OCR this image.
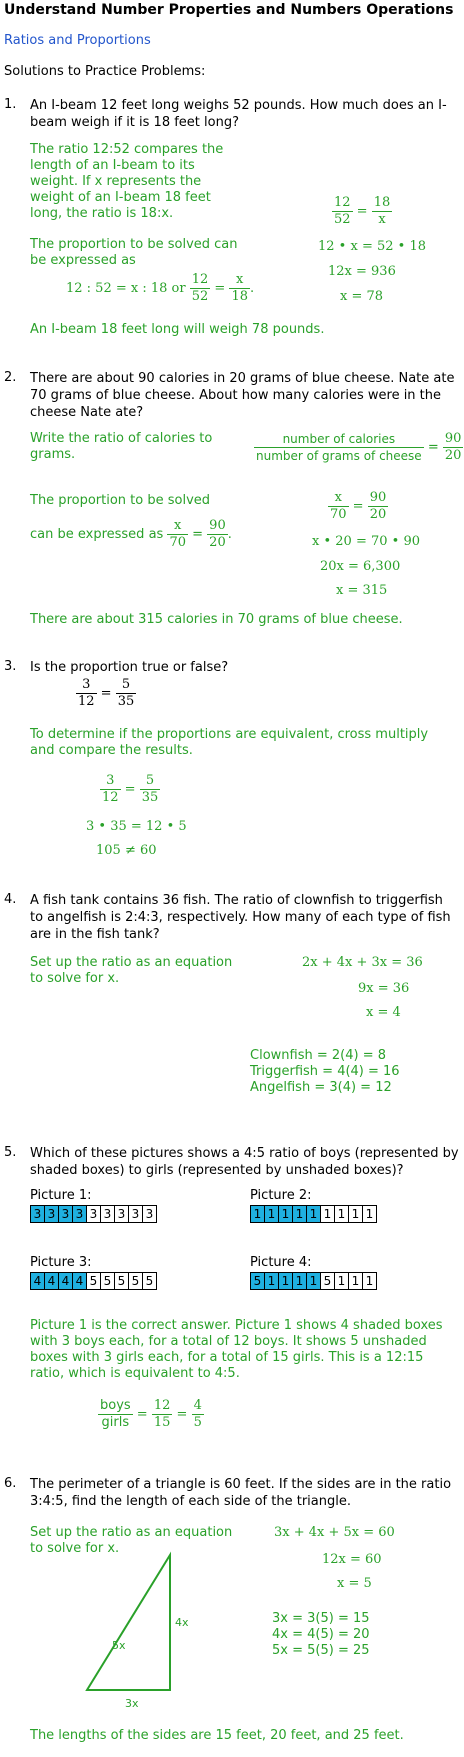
Understand Number Properties and Numbers Operations
Ratios and Proportions
Solutions to Practice Problems:
1. An I-beam 12 feet long weighs 52 pounds. How much does an I-beam weigh if it is 18 feet long?
The ratio 12:52 compares the length of an I-beam to its weight. If x represents the weight of an I-beam 18 feet long, the ratio is 18:x.
The proportion to be solved can be expressed as
12 : 52 = x : 18 or $\frac{12}{52} = \frac{x}{18}$ .
$\frac{12}{52} = \frac{18}{x}$
12 • x = 52 • 18
12x = 936
x = 78
An I-beam 18 feet long will weigh 78 pounds.
2. There are about 90 calories in 20 grams of blue cheese. Nate ate 70 grams of blue cheese. About how many calories were in the cheese Nate ate?
Write the ratio of calories to grams.	$\frac{\text{number of calories}}{\text{number of grams of cheese}} = \frac{90}{20}$
The proportion to be solved
can be expressed as $\frac{x}{70} = \frac{90}{20}$ .
$\frac{x}{70} = \frac{90}{20}$
x • 20 = 70 • 90
20x = 6,300
x = 315
There are about 315 calories in 70 grams of blue cheese.
3. Is the proportion true or false?
$\frac{3}{12} = \frac{5}{35}$
To determine if the proportions are equivalent, cross multiply and compare the results.
$\frac{3}{12} = \frac{5}{35}$
3 • 35 = 12 • 5
105 ≠ 60
4. A fish tank contains 36 fish. The ratio of clownfish to triggerfish to angelfish is 2:4:3, respectively. How many of each type of fish are in the fish tank?
Set up the ratio as an equation to solve for x.
2x + 4x + 3x = 36
9x = 36
x = 4
Clownfish = 2(4) = 8
Triggerfish = 4(4) = 16
Angelfish = 3(4) = 12
5. Which of these pictures shows a 4:5 ratio of boys (represented by shaded boxes) to girls (represented by unshaded boxes)?
Picture 1:
3 3 3 3 3 3 3 3 3
Picture 2:
1 1 1 1 1 1 1 1 1
Picture 3:
4 4 4 4 5 5 5 5 5
Picture 4:
5 1 1 1 1 5 1 1 1
Picture 1 is the correct answer. Picture 1 shows 4 shaded boxes with 3 boys each, for a total of 12 boys. It shows 5 unshaded boxes with 3 girls each, for a total of 15 girls. This is a 12:15 ratio, which is equivalent to 4:5.
$\frac{\text{boys}}{\text{girls}} = \frac{12}{15} = \frac{4}{5}$
6. The perimeter of a triangle is 60 feet. If the sides are in the ratio 3:4:5, find the length of each side of the triangle.
Set up the ratio as an equation to solve for x.
3x + 4x + 5x = 60
12x = 60
x = 5
3x = 3(5) = 15
4x = 4(5) = 20
5x = 5(5) = 25
5x
4x
3x
The lengths of the sides are 15 feet, 20 feet, and 25 feet.
